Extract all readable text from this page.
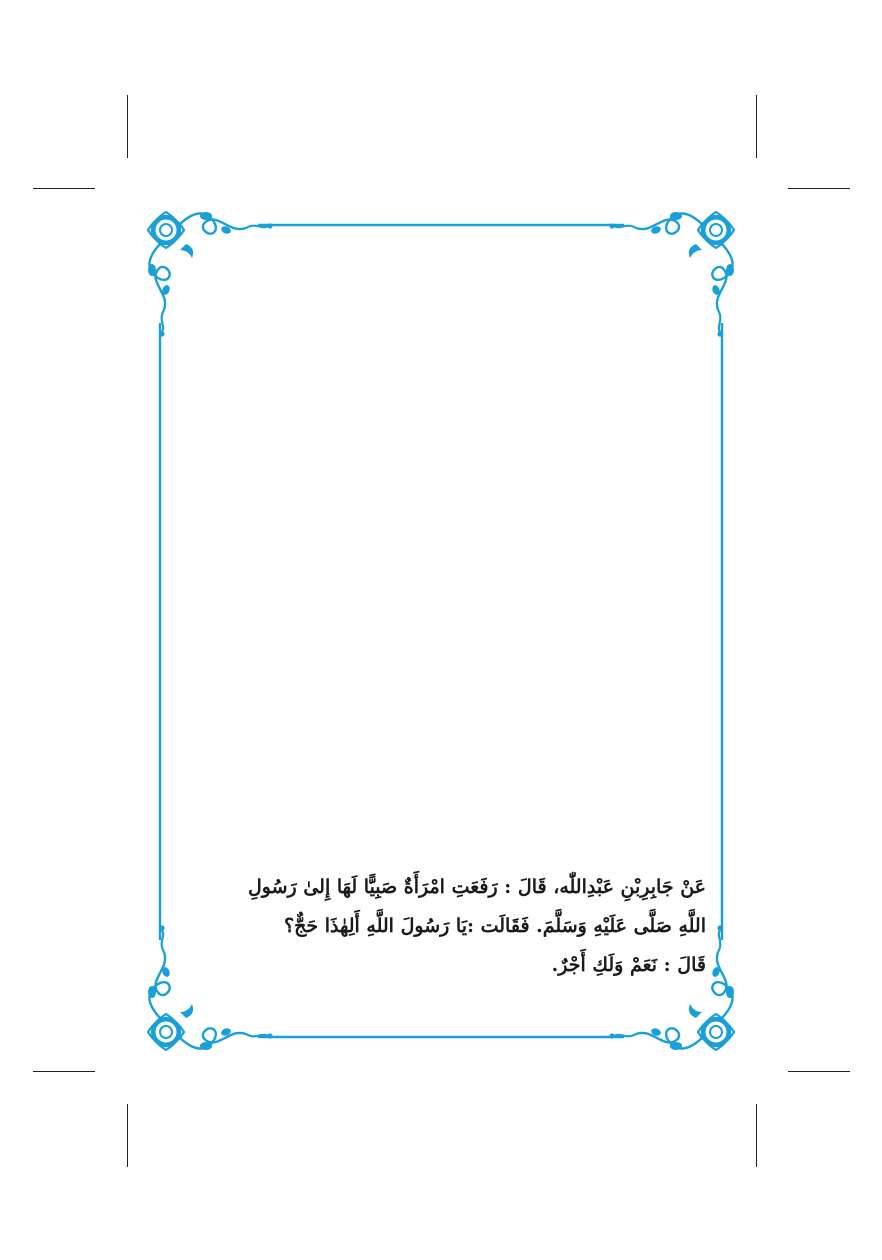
عَنْ جَابِرِبْنِ عَبْدِاللّٰه، قَالَ : رَفَعَتِ امْرَأَةٌ صَبِيًّا لَهَا إِلىٰ رَسُولِ
اللَّهِ صَلَّى عَلَيْهِ وَسَلَّمَ. فَقَالَت :يَا رَسُولَ اللَّهِ أَلِهٰذَا حَجٌّ؟
قَالَ : نَعَمْ وَلَكِ أَجْرٌ.
